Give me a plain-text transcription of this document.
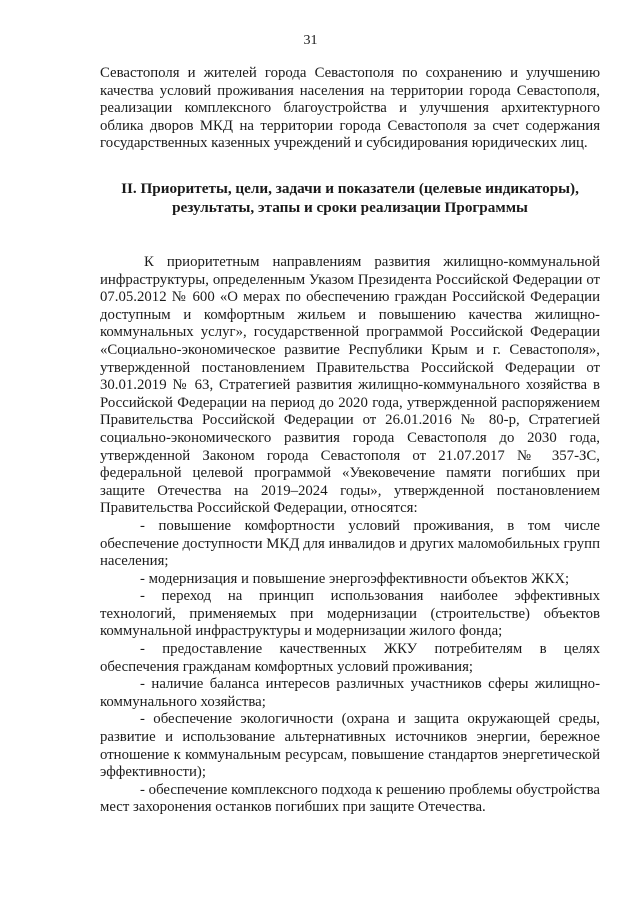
31

Севастополя и жителей города Севастополя по сохранению и улучшению качества условий проживания населения на территории города Севастополя, реализации комплексного благоустройства и улучшения архитектурного облика дворов МКД на территории города Севастополя за счет содержания государственных казенных учреждений и субсидирования юридических лиц.

II. Приоритеты, цели, задачи и показатели (целевые индикаторы),
результаты, этапы и сроки реализации Программы

К приоритетным направлениям развития жилищно-коммунальной инфраструктуры, определенным Указом Президента Российской Федерации от 07.05.2012 № 600 «О мерах по обеспечению граждан Российской Федерации доступным и комфортным жильем и повышению качества жилищно-коммунальных услуг», государственной программой Российской Федерации «Социально-экономическое развитие Республики Крым и г. Севастополя», утвержденной постановлением Правительства Российской Федерации от 30.01.2019 № 63, Стратегией развития жилищно-коммунального хозяйства в Российской Федерации на период до 2020 года, утвержденной распоряжением Правительства Российской Федерации от 26.01.2016 № 80-р, Стратегией социально-экономического развития города Севастополя до 2030 года, утвержденной Законом города Севастополя от 21.07.2017 № 357-ЗС, федеральной целевой программой «Увековечение памяти погибших при защите Отечества на 2019–2024 годы», утвержденной постановлением Правительства Российской Федерации, относятся:

- повышение комфортности условий проживания, в том числе обеспечение доступности МКД для инвалидов и других маломобильных групп населения;

- модернизация и повышение энергоэффективности объектов ЖКХ;

- переход на принцип использования наиболее эффективных технологий, применяемых при модернизации (строительстве) объектов коммунальной инфраструктуры и модернизации жилого фонда;

- предоставление качественных ЖКУ потребителям в целях обеспечения гражданам комфортных условий проживания;

- наличие баланса интересов различных участников сферы жилищно-коммунального хозяйства;

- обеспечение экологичности (охрана и защита окружающей среды, развитие и использование альтернативных источников энергии, бережное отношение к коммунальным ресурсам, повышение стандартов энергетической эффективности);

- обеспечение комплексного подхода к решению проблемы обустройства мест захоронения останков погибших при защите Отечества.
